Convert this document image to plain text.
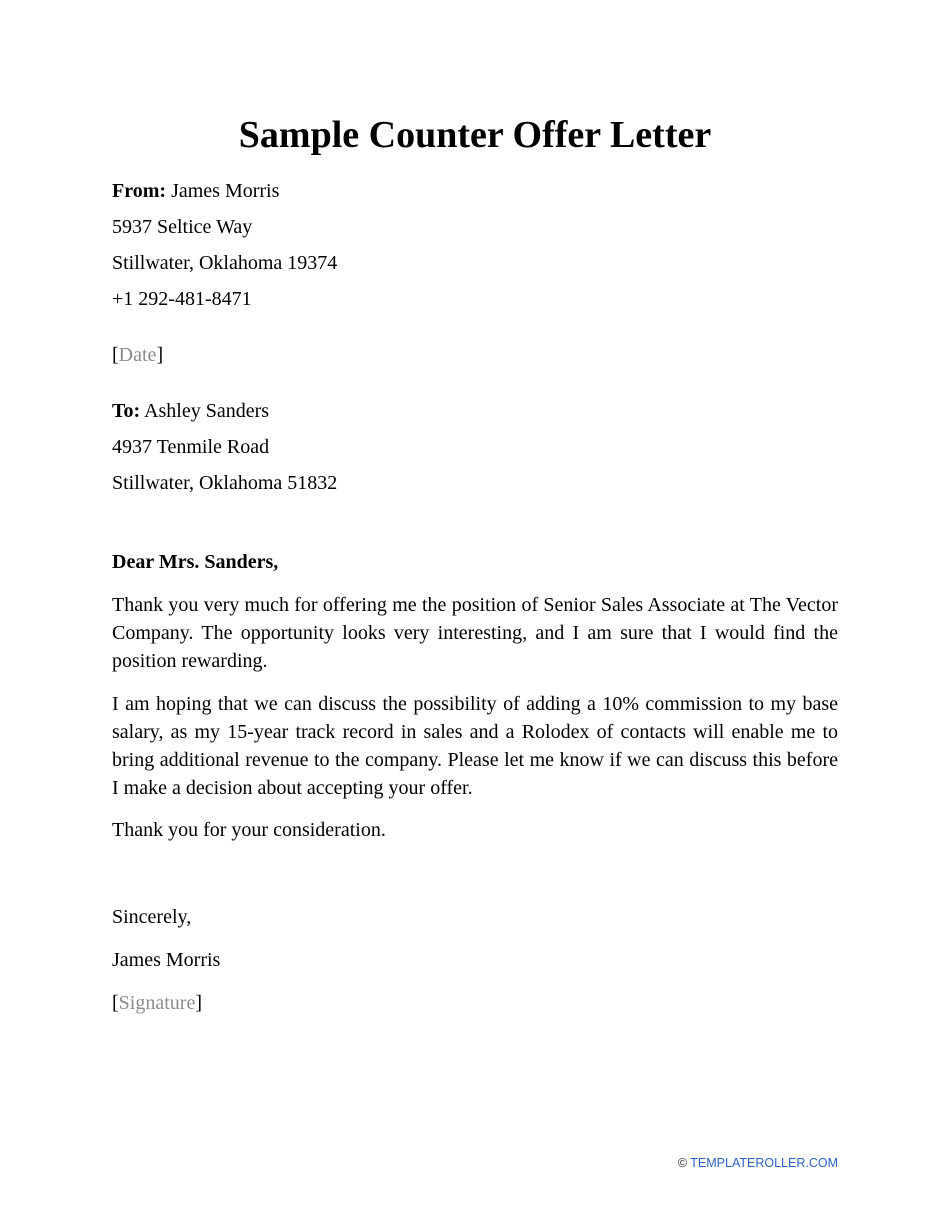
Sample Counter Offer Letter
From: James Morris
5937 Seltice Way
Stillwater, Oklahoma 19374
+1 292-481-8471
[Date]
To: Ashley Sanders
4937 Tenmile Road
Stillwater, Oklahoma 51832
Dear Mrs. Sanders,

Thank you very much for offering me the position of Senior Sales Associate at The Vector Company. The opportunity looks very interesting, and I am sure that I would find the position rewarding.

I am hoping that we can discuss the possibility of adding a 10% commission to my base salary, as my 15-year track record in sales and a Rolodex of contacts will enable me to bring additional revenue to the company. Please let me know if we can discuss this before I make a decision about accepting your offer.

Thank you for your consideration.

Sincerely,
James Morris
[Signature]
© TEMPLATEROLLER.COM
